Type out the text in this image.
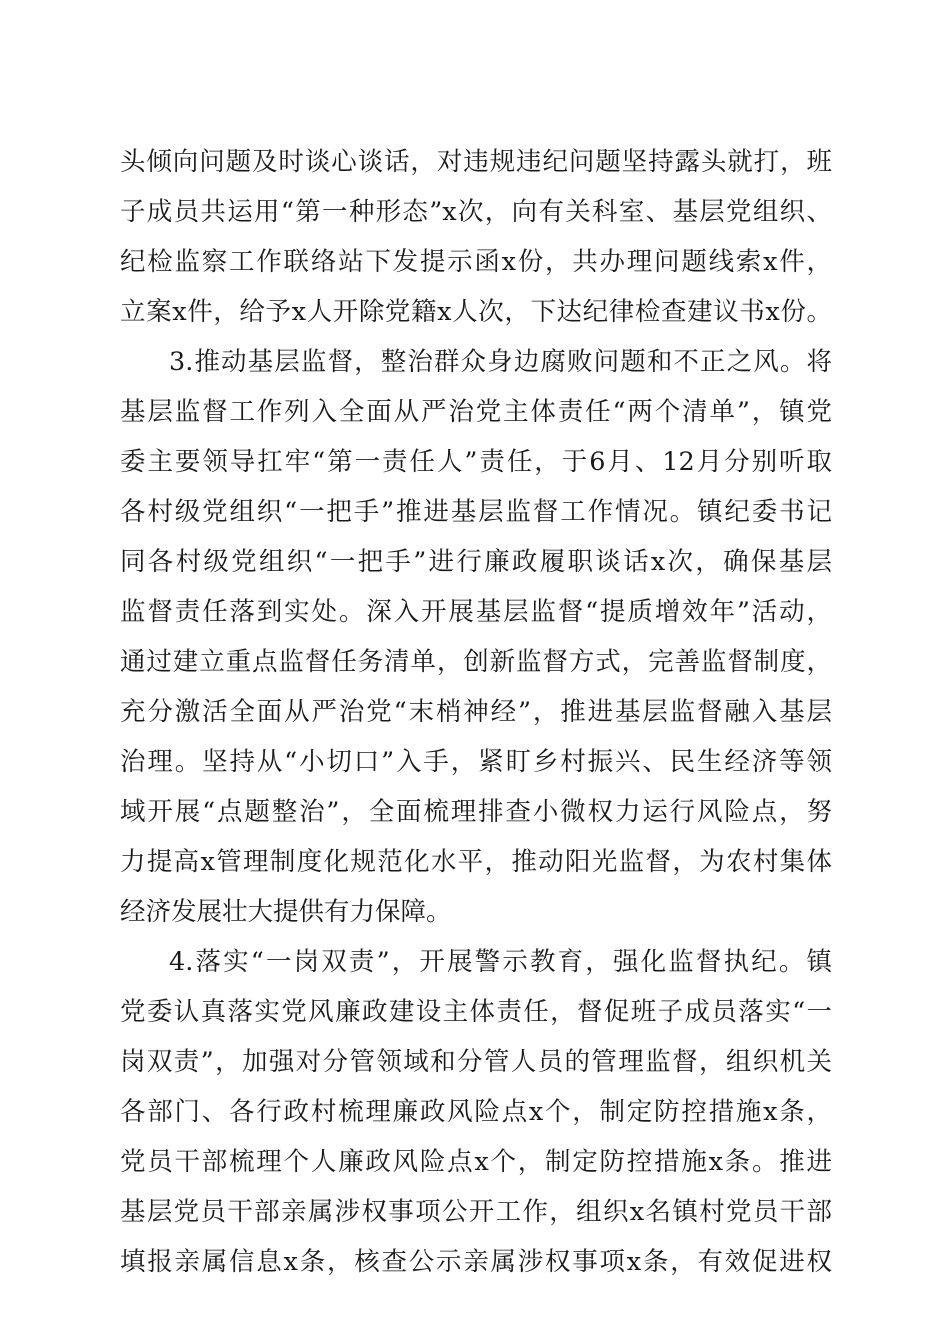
头倾向问题及时谈心谈话，对违规违纪问题坚持露头就打，班
子成员共运用“第一种形态”x次，向有关科室、基层党组织、
纪检监察工作联络站下发提示函x份，共办理问题线索x件，
立案x件，给予x人开除党籍x人次，下达纪律检查建议书x份。
3.推动基层监督，整治群众身边腐败问题和不正之风。将
基层监督工作列入全面从严治党主体责任“两个清单”，镇党
委主要领导扛牢“第一责任人”责任，于6月、12月分别听取
各村级党组织“一把手”推进基层监督工作情况。镇纪委书记
同各村级党组织“一把手”进行廉政履职谈话x次，确保基层
监督责任落到实处。深入开展基层监督“提质增效年”活动，
通过建立重点监督任务清单，创新监督方式，完善监督制度，
充分激活全面从严治党“末梢神经”，推进基层监督融入基层
治理。坚持从“小切口”入手，紧盯乡村振兴、民生经济等领
域开展“点题整治”，全面梳理排查小微权力运行风险点，努
力提高x管理制度化规范化水平，推动阳光监督，为农村集体
经济发展壮大提供有力保障。
4.落实“一岗双责”，开展警示教育，强化监督执纪。镇
党委认真落实党风廉政建设主体责任，督促班子成员落实“一
岗双责”，加强对分管领域和分管人员的管理监督，组织机关
各部门、各行政村梳理廉政风险点x个，制定防控措施x条，
党员干部梳理个人廉政风险点x个，制定防控措施x条。推进
基层党员干部亲属涉权事项公开工作，组织x名镇村党员干部
填报亲属信息x条，核查公示亲属涉权事项x条，有效促进权
